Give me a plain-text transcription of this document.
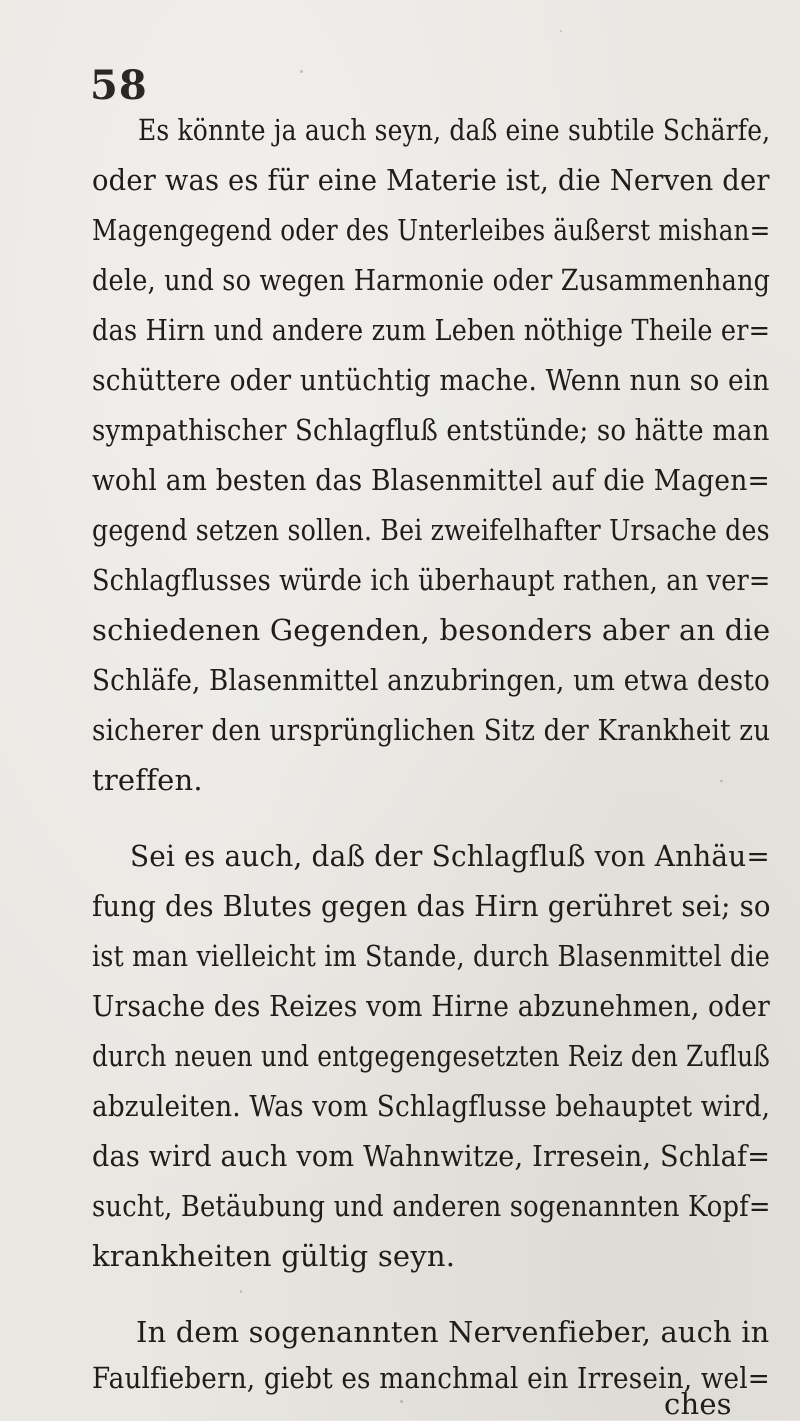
58
Es könnte ja auch seyn, daß eine subtile Schärfe,
oder was es für eine Materie ist, die Nerven der
Magengegend oder des Unterleibes äußerst mishan=
dele, und so wegen Harmonie oder Zusammenhang
das Hirn und andere zum Leben nöthige Theile er=
schüttere oder untüchtig mache. Wenn nun so ein
sympathischer Schlagfluß entstünde; so hätte man
wohl am besten das Blasenmittel auf die Magen=
gegend setzen sollen. Bei zweifelhafter Ursache des
Schlagflusses würde ich überhaupt rathen, an ver=
schiedenen Gegenden, besonders aber an die
Schläfe, Blasenmittel anzubringen, um etwa desto
sicherer den ursprünglichen Sitz der Krankheit zu
treffen.
Sei es auch, daß der Schlagfluß von Anhäu=
fung des Blutes gegen das Hirn gerühret sei; so
ist man vielleicht im Stande, durch Blasenmittel die
Ursache des Reizes vom Hirne abzunehmen, oder
durch neuen und entgegengesetzten Reiz den Zufluß
abzuleiten. Was vom Schlagflusse behauptet wird,
das wird auch vom Wahnwitze, Irresein, Schlaf=
sucht, Betäubung und anderen sogenannten Kopf=
krankheiten gültig seyn.
In dem sogenannten Nervenfieber, auch in
Faulfiebern, giebt es manchmal ein Irresein, wel=
ches
